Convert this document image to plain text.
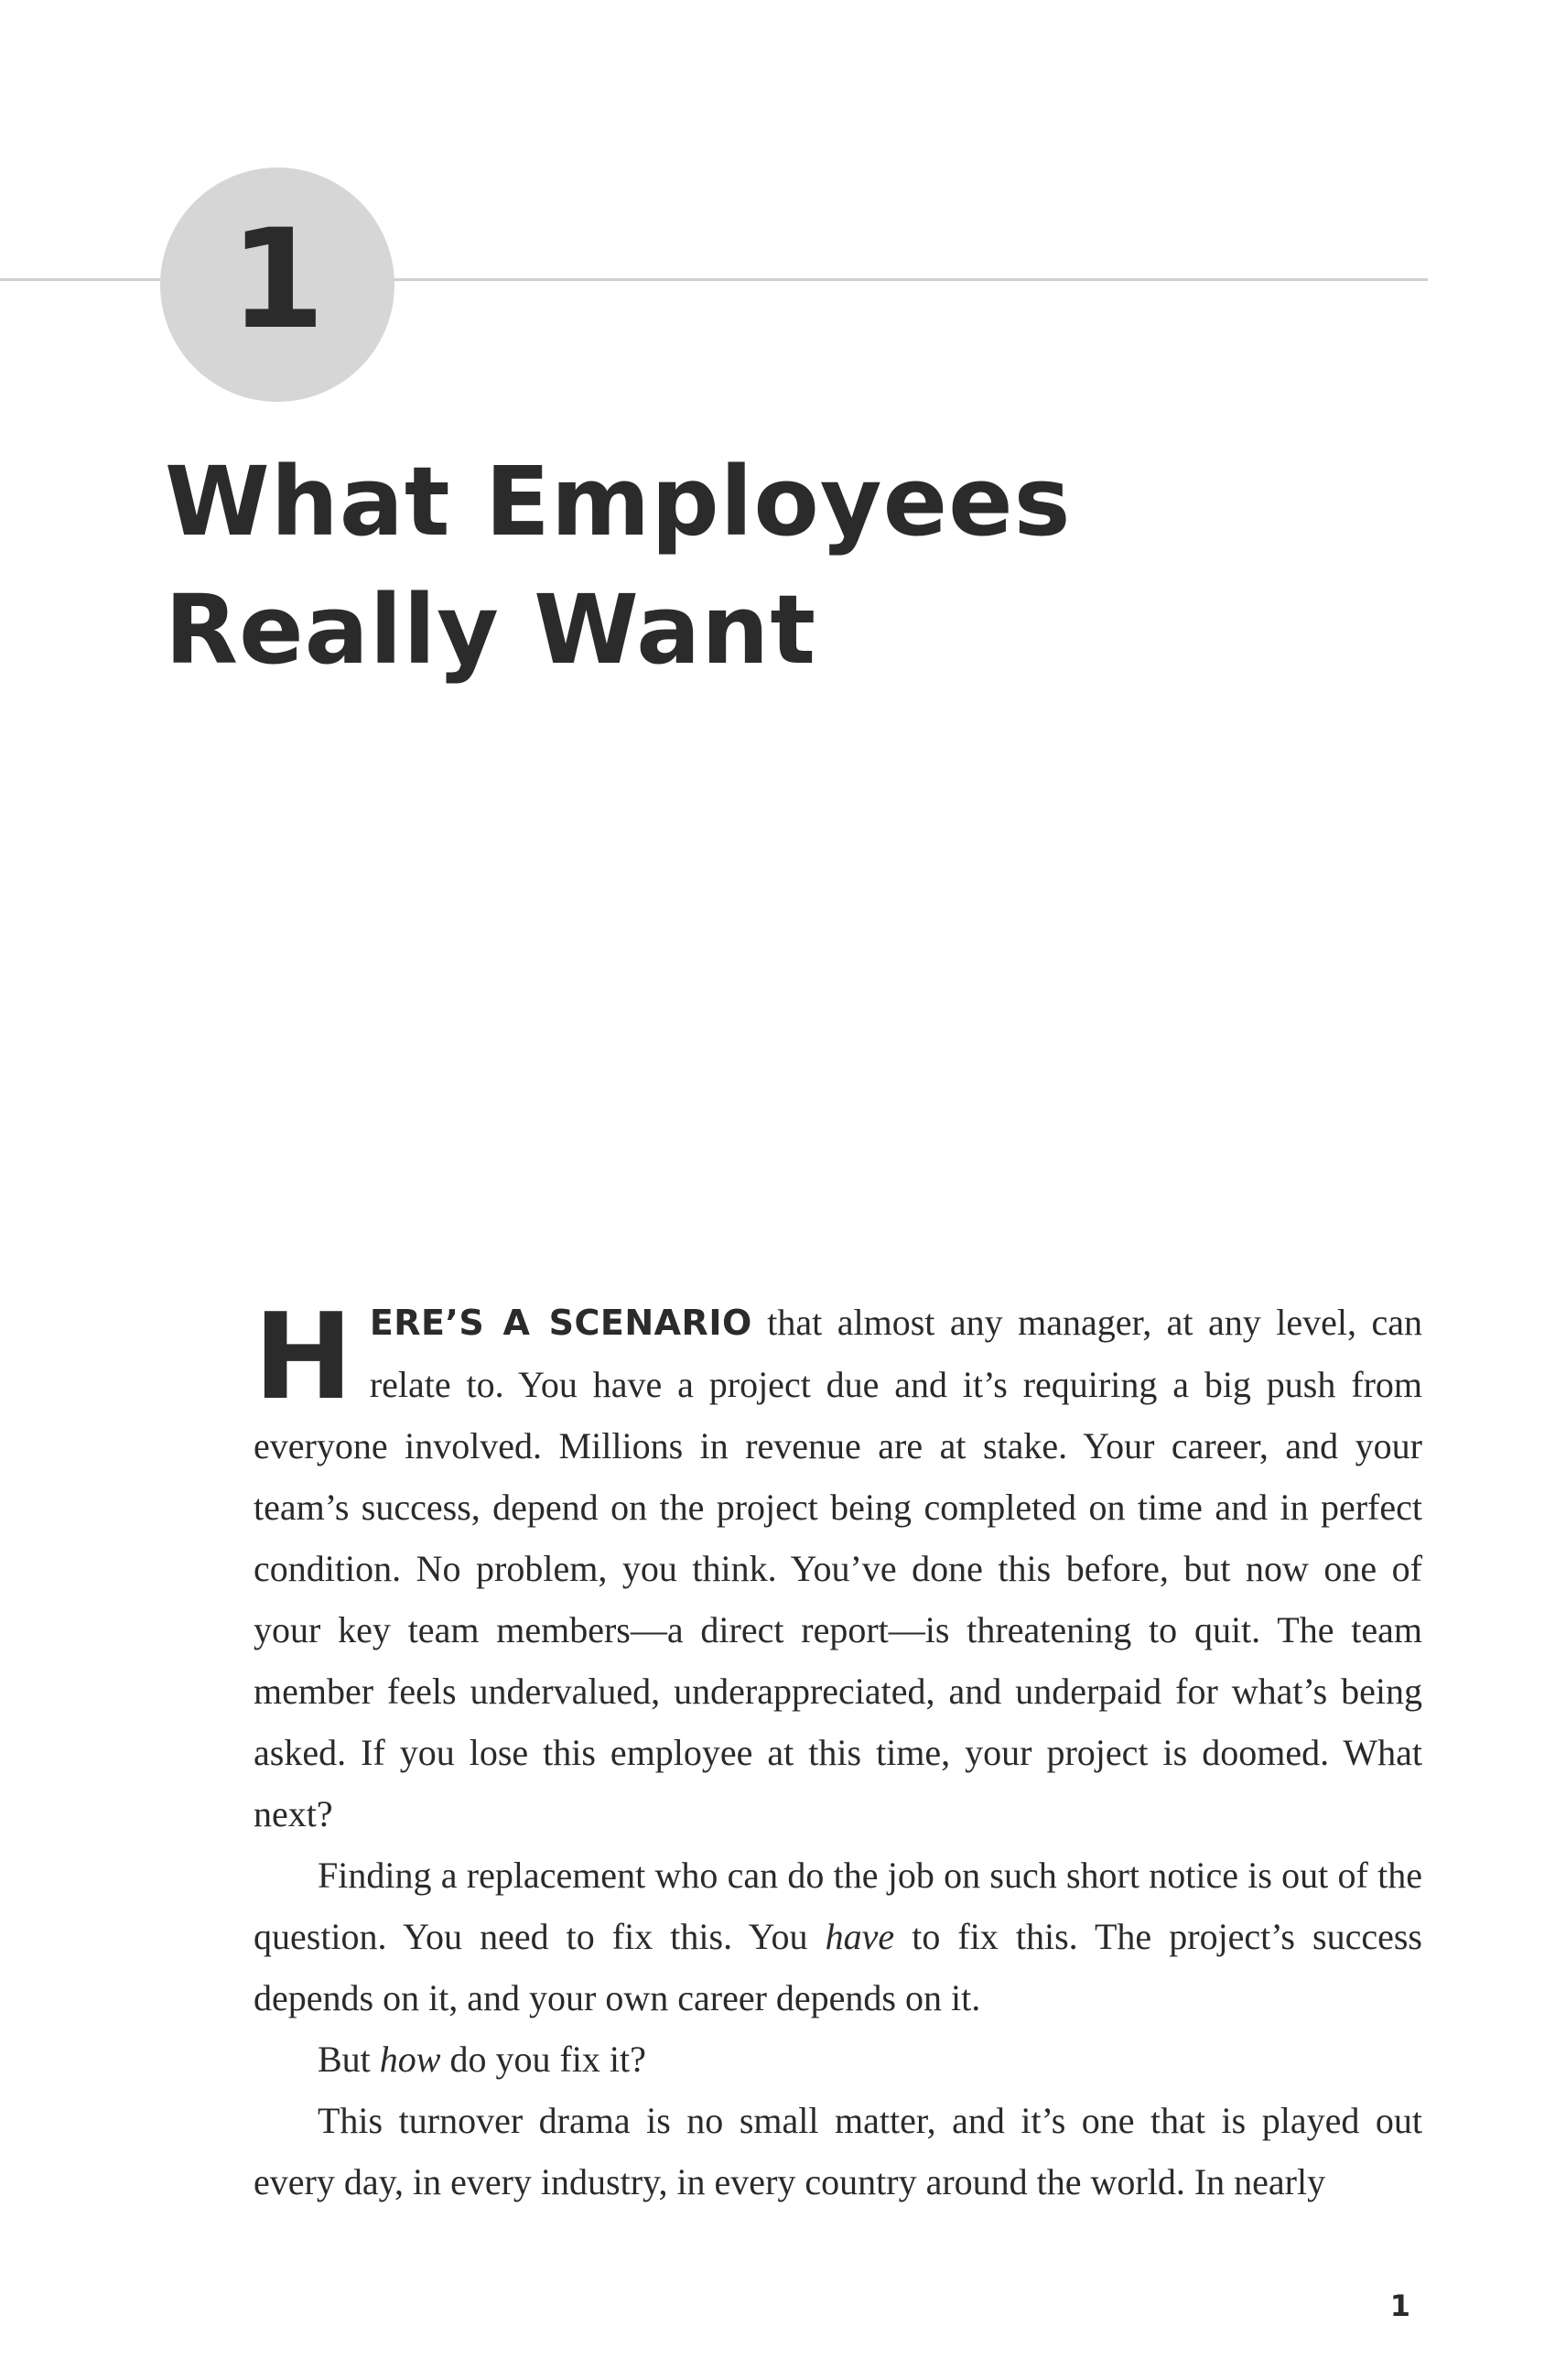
1
What Employees
Really Want

HERE’S A SCENARIO that almost any manager, at any level, can relate to. You have a project due and it’s requiring a big push from everyone involved. Millions in revenue are at stake. Your career, and your team’s success, depend on the project being completed on time and in perfect condition. No problem, you think. You’ve done this before, but now one of your key team members—a direct report—is threatening to quit. The team member feels undervalued, underappreciated, and underpaid for what’s being asked. If you lose this employee at this time, your project is doomed. What next?

Finding a replacement who can do the job on such short notice is out of the question. You need to fix this. You have to fix this. The project’s success depends on it, and your own career depends on it.

But how do you fix it?

This turnover drama is no small matter, and it’s one that is played out every day, in every industry, in every country around the world. In nearly

1
